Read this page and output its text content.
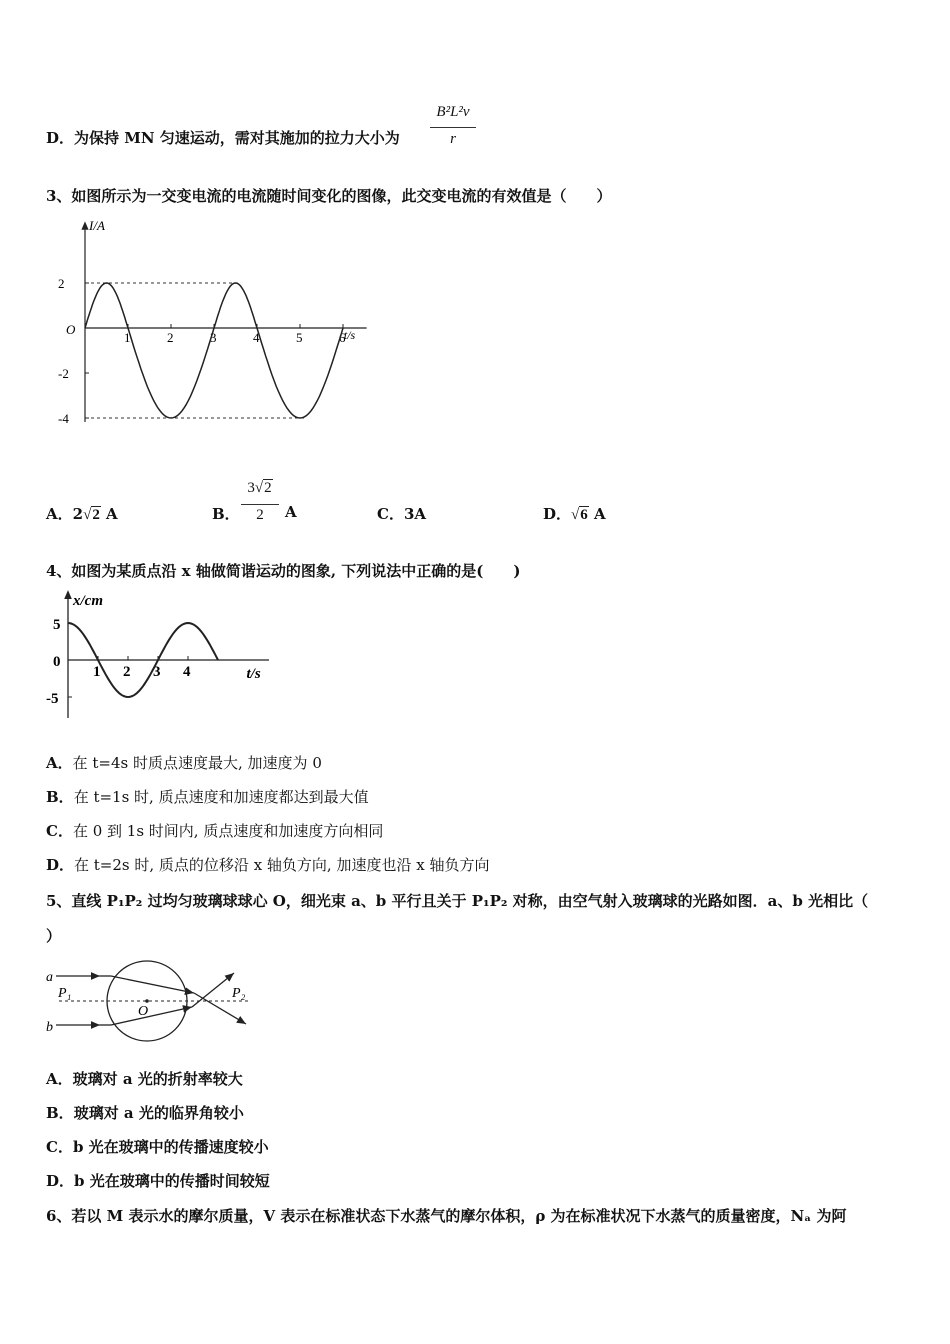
D．为保持 MN 匀速运动，需对其施加的拉力大小为
B²L²v
r
3、如图所示为一交变电流的电流随时间变化的图像，此交变电流的有效值是（　　）
I/A
t/s
O
2
-2
-4
1	2	3	4	5	6
A．2√2 A	B．
3√2
2	A	C．3A	D．√6 A
4、如图为某质点沿 x 轴做简谐运动的图象, 下列说法中正确的是(　　)
x/cm
t/s
5
0
-5
1 2 3 4
A．在 t=4s 时质点速度最大, 加速度为 0
B．在 t=1s 时, 质点速度和加速度都达到最大值
C．在 0 到 1s 时间内, 质点速度和加速度方向相同
D．在 t=2s 时, 质点的位移沿 x 轴负方向, 加速度也沿 x 轴负方向
5、直线 P₁P₂ 过均匀玻璃球球心 O，细光束 a、b 平行且关于 P₁P₂ 对称，由空气射入玻璃球的光路如图．a、b 光相比（
）
a
b
P₁	P₂
O
A．玻璃对 a 光的折射率较大
B．玻璃对 a 光的临界角较小
C．b 光在玻璃中的传播速度较小
D．b 光在玻璃中的传播时间较短
6、若以 M 表示水的摩尔质量，V 表示在标准状态下水蒸气的摩尔体积，ρ 为在标准状况下水蒸气的质量密度，Nₐ 为阿
